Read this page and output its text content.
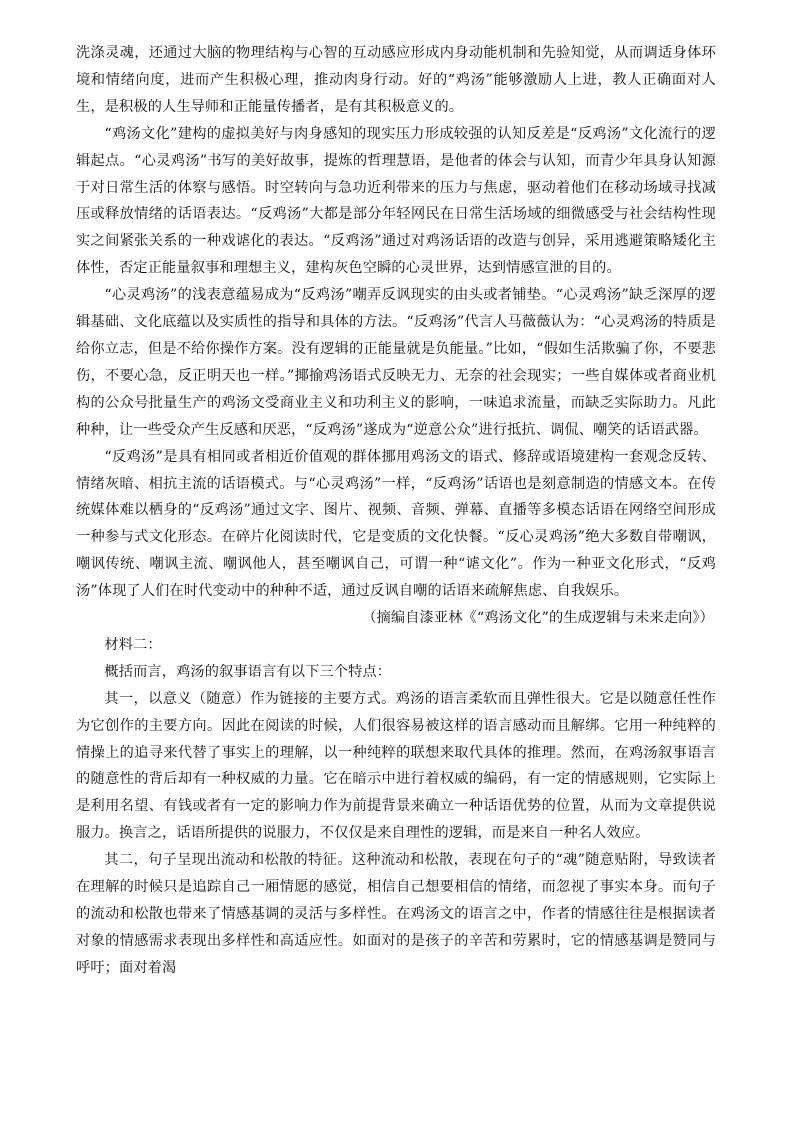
洗涤灵魂，还通过大脑的物理结构与心智的互动感应形成内身动能机制和先验知觉，从而调适身体环境和情绪向度，进而产生积极心理，推动肉身行动。好的“鸡汤”能够激励人上进，教人正确面对人生，是积极的人生导师和正能量传播者，是有其积极意义的。

“鸡汤文化”建构的虚拟美好与肉身感知的现实压力形成较强的认知反差是“反鸡汤”文化流行的逻辑起点。“心灵鸡汤”书写的美好故事，提炼的哲理慧语，是他者的体会与认知，而青少年具身认知源于对日常生活的体察与感悟。时空转向与急功近利带来的压力与焦虑，驱动着他们在移动场域寻找减压或释放情绪的话语表达。“反鸡汤”大都是部分年轻网民在日常生活场域的细微感受与社会结构性现实之间紧张关系的一种戏谑化的表达。“反鸡汤”通过对鸡汤话语的改造与创异，采用逃避策略矮化主体性，否定正能量叙事和理想主义，建构灰色空瞬的心灵世界，达到情感宣泄的目的。

“心灵鸡汤”的浅表意蕴易成为“反鸡汤”嘲弄反讽现实的由头或者铺垫。“心灵鸡汤”缺乏深厚的逻辑基础、文化底蕴以及实质性的指导和具体的方法。“反鸡汤”代言人马薇薇认为：“心灵鸡汤的特质是给你立志，但是不给你操作方案。没有逻辑的正能量就是负能量。”比如，“假如生活欺骗了你，不要悲伤，不要心急，反正明天也一样。”揶揄鸡汤语式反映无力、无奈的社会现实；一些自媒体或者商业机构的公众号批量生产的鸡汤文受商业主义和功利主义的影响，一味追求流量，而缺乏实际助力。凡此种种，让一些受众产生反感和厌恶，“反鸡汤”遂成为“逆意公众”进行抵抗、调侃、嘲笑的话语武器。

“反鸡汤”是具有相同或者相近价值观的群体挪用鸡汤文的语式、修辞或语境建构一套观念反转、情绪灰暗、相抗主流的话语模式。与“心灵鸡汤”一样，“反鸡汤”话语也是刻意制造的情感文本。在传统媒体难以栖身的“反鸡汤”通过文字、图片、视频、音频、弹幕、直播等多模态话语在网络空间形成一种参与式文化形态。在碎片化阅读时代，它是变质的文化快餐。“反心灵鸡汤”绝大多数自带嘲讽，嘲讽传统、嘲讽主流、嘲讽他人，甚至嘲讽自己，可谓一种“谑文化”。作为一种亚文化形式，“反鸡汤”体现了人们在时代变动中的种种不适，通过反讽自嘲的话语来疏解焦虑、自我娱乐。

（摘编自漆亚林《“鸡汤文化”的生成逻辑与未来走向》）

材料二：

概括而言，鸡汤的叙事语言有以下三个特点：

其一，以意义（随意）作为链接的主要方式。鸡汤的语言柔软而且弹性很大。它是以随意任性作为它创作的主要方向。因此在阅读的时候，人们很容易被这样的语言感动而且解绑。它用一种纯粹的情操上的追寻来代替了事实上的理解，以一种纯粹的联想来取代具体的推理。然而，在鸡汤叙事语言的随意性的背后却有一种权威的力量。它在暗示中进行着权威的编码，有一定的情感规则，它实际上是利用名望、有钱或者有一定的影响力作为前提背景来确立一种话语优势的位置，从而为文章提供说服力。换言之，话语所提供的说服力，不仅仅是来自理性的逻辑，而是来自一种名人效应。

其二，句子呈现出流动和松散的特征。这种流动和松散，表现在句子的“魂”随意贴附，导致读者在理解的时候只是追踪自己一厢情愿的感觉，相信自己想要相信的情绪，而忽视了事实本身。而句子的流动和松散也带来了情感基调的灵活与多样性。在鸡汤文的语言之中，作者的情感往往是根据读者对象的情感需求表现出多样性和高适应性。如面对的是孩子的辛苦和劳累时，它的情感基调是赞同与呼吁；面对着渴
